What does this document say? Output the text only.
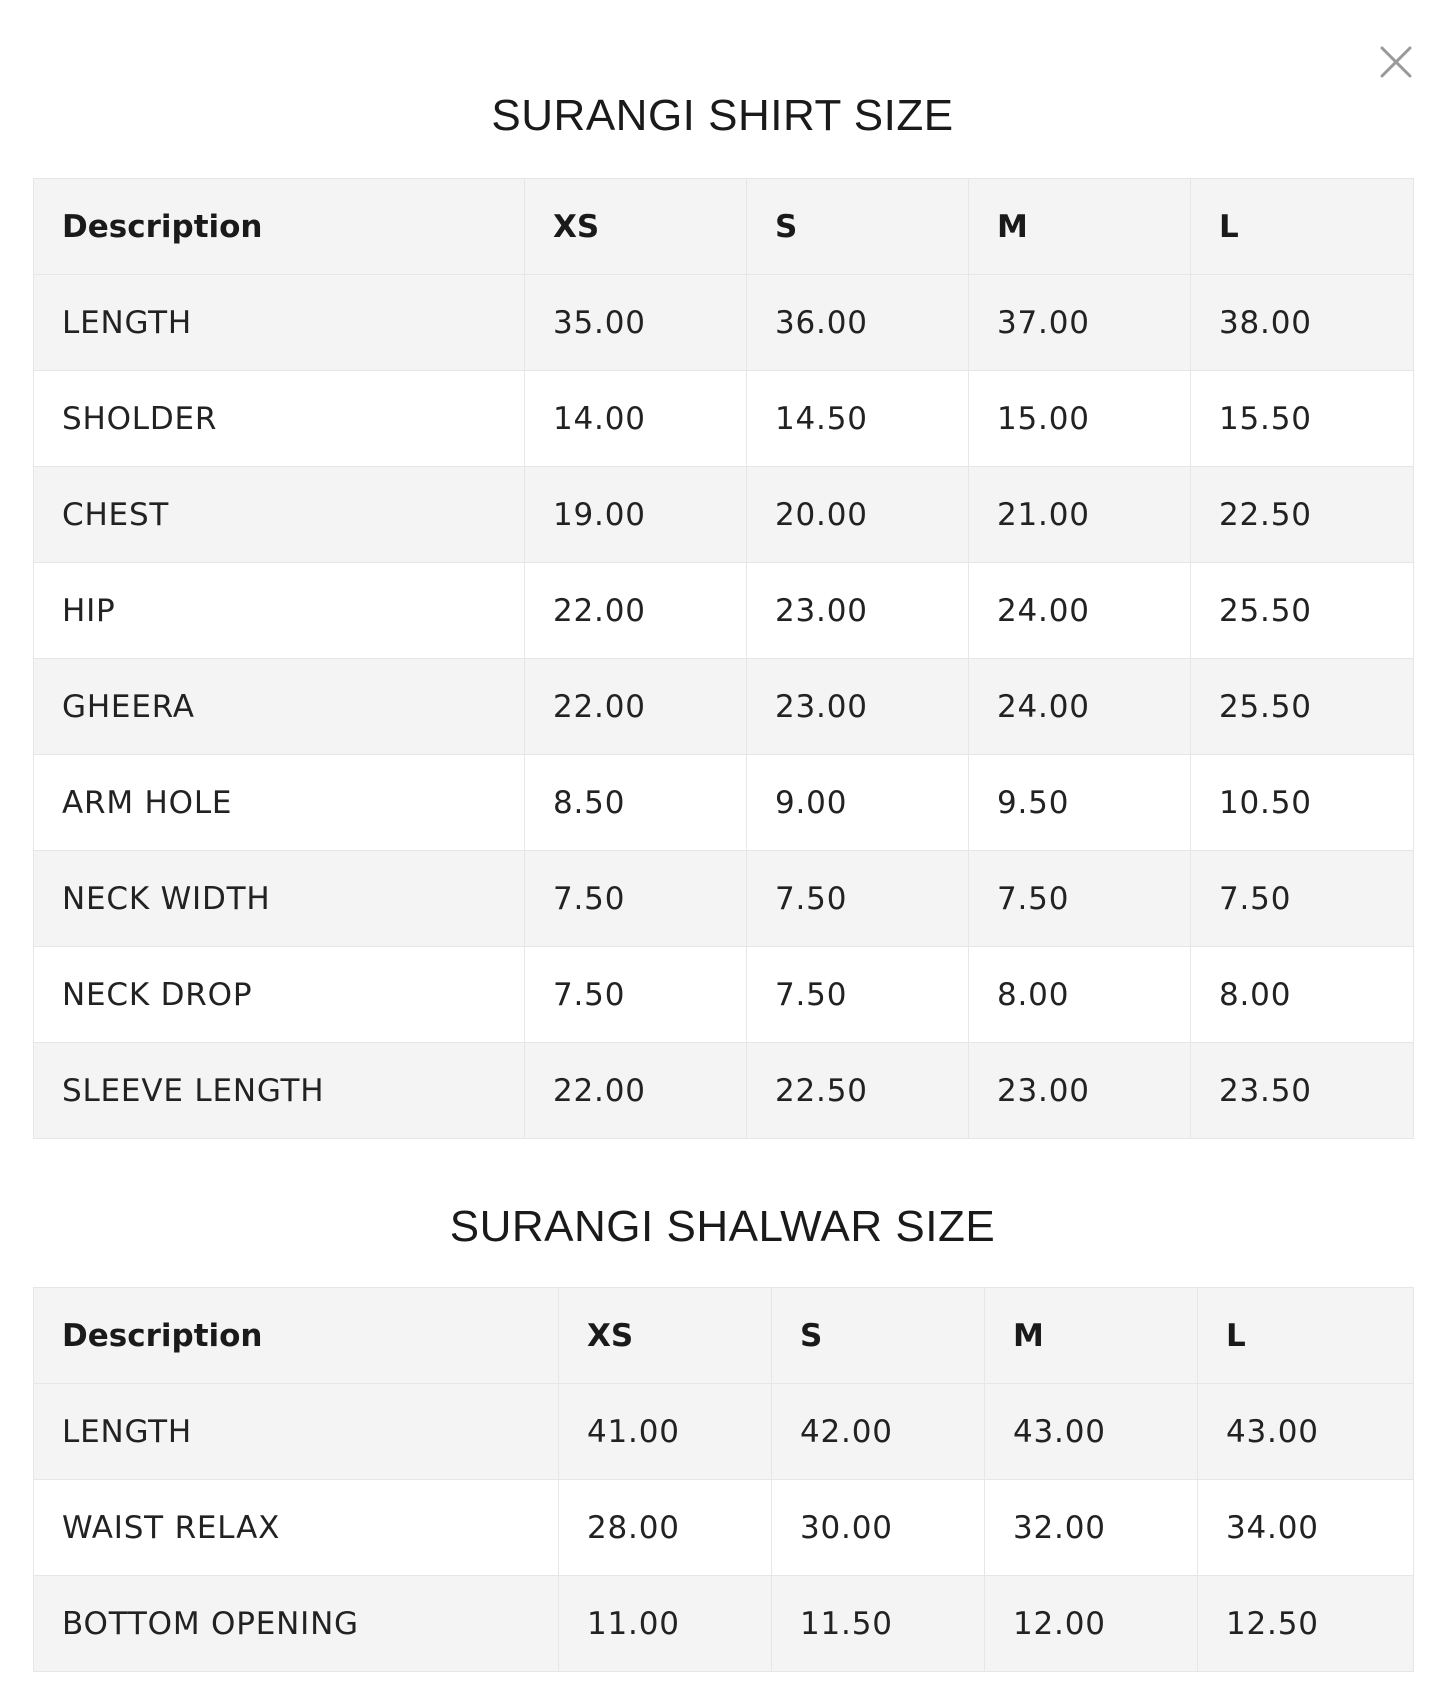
SURANGI SHIRT SIZE
Description	XS	S	M	L
LENGTH	35.00	36.00	37.00	38.00
SHOLDER	14.00	14.50	15.00	15.50
CHEST	19.00	20.00	21.00	22.50
HIP	22.00	23.00	24.00	25.50
GHEERA	22.00	23.00	24.00	25.50
ARM HOLE	8.50	9.00	9.50	10.50
NECK WIDTH	7.50	7.50	7.50	7.50
NECK DROP	7.50	7.50	8.00	8.00
SLEEVE LENGTH	22.00	22.50	23.00	23.50
SURANGI SHALWAR SIZE
Description	XS	S	M	L
LENGTH	41.00	42.00	43.00	43.00
WAIST RELAX	28.00	30.00	32.00	34.00
BOTTOM OPENING	11.00	11.50	12.00	12.50
